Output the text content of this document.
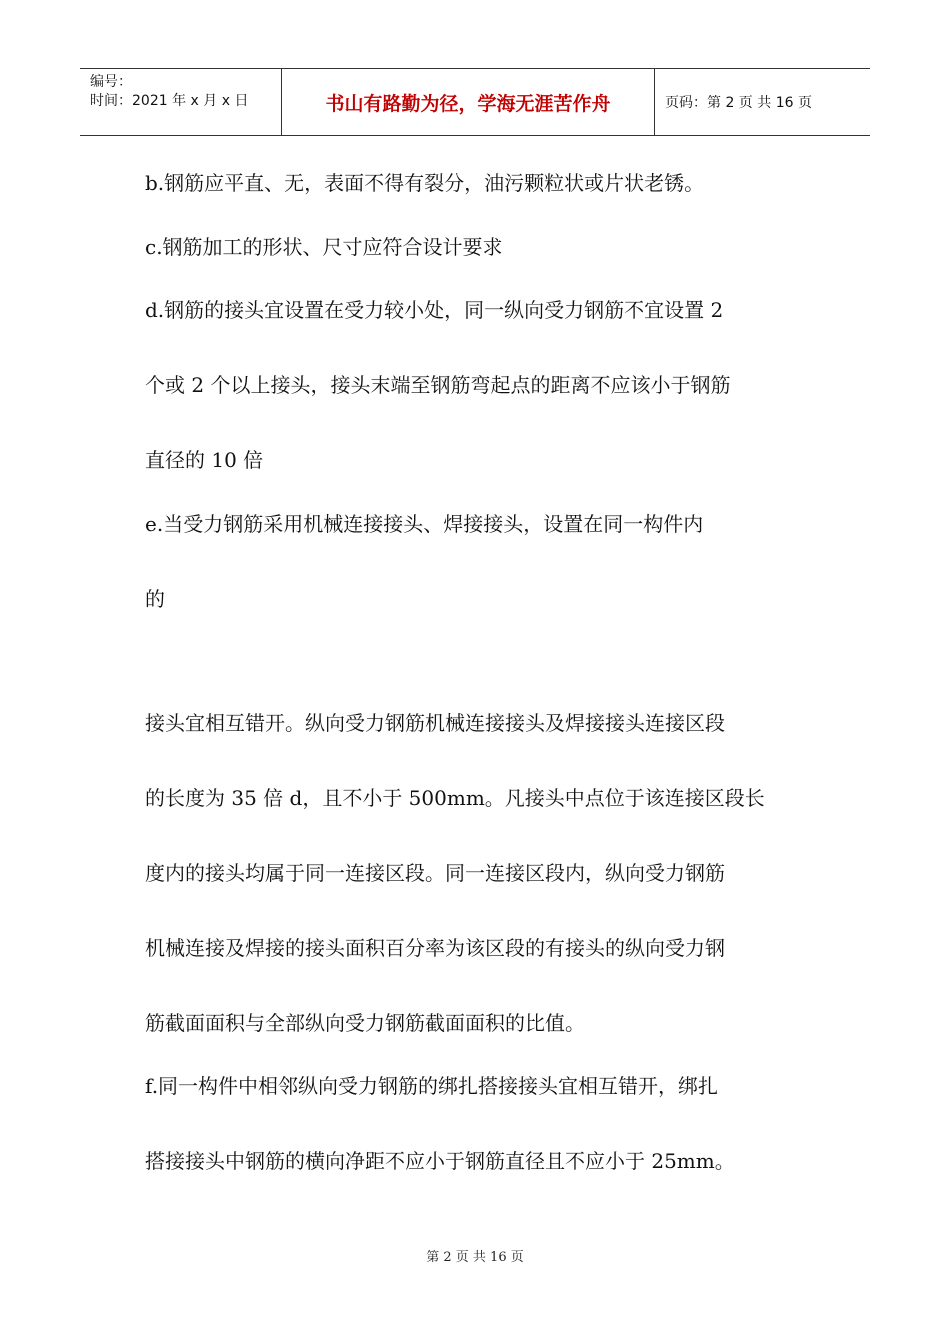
编号：
时间：2021 年 x 月 x 日	书山有路勤为径，学海无涯苦作舟	页码：第 2 页 共 16 页
b.钢筋应平直、无，表面不得有裂分，油污颗粒状或片状老锈。
c.钢筋加工的形状、尺寸应符合设计要求
d.钢筋的接头宜设置在受力较小处，同一纵向受力钢筋不宜设置 2
个或 2 个以上接头，接头末端至钢筋弯起点的距离不应该小于钢筋
直径的 10 倍
e.当受力钢筋采用机械连接接头、焊接接头，设置在同一构件内
的
接头宜相互错开。纵向受力钢筋机械连接接头及焊接接头连接区段
的长度为 35 倍 d，且不小于 500mm。凡接头中点位于该连接区段长
度内的接头均属于同一连接区段。同一连接区段内，纵向受力钢筋
机械连接及焊接的接头面积百分率为该区段的有接头的纵向受力钢
筋截面面积与全部纵向受力钢筋截面面积的比值。
f.同一构件中相邻纵向受力钢筋的绑扎搭接接头宜相互错开，绑扎
搭接接头中钢筋的横向净距不应小于钢筋直径且不应小于 25mm。
第 2 页 共 16 页
